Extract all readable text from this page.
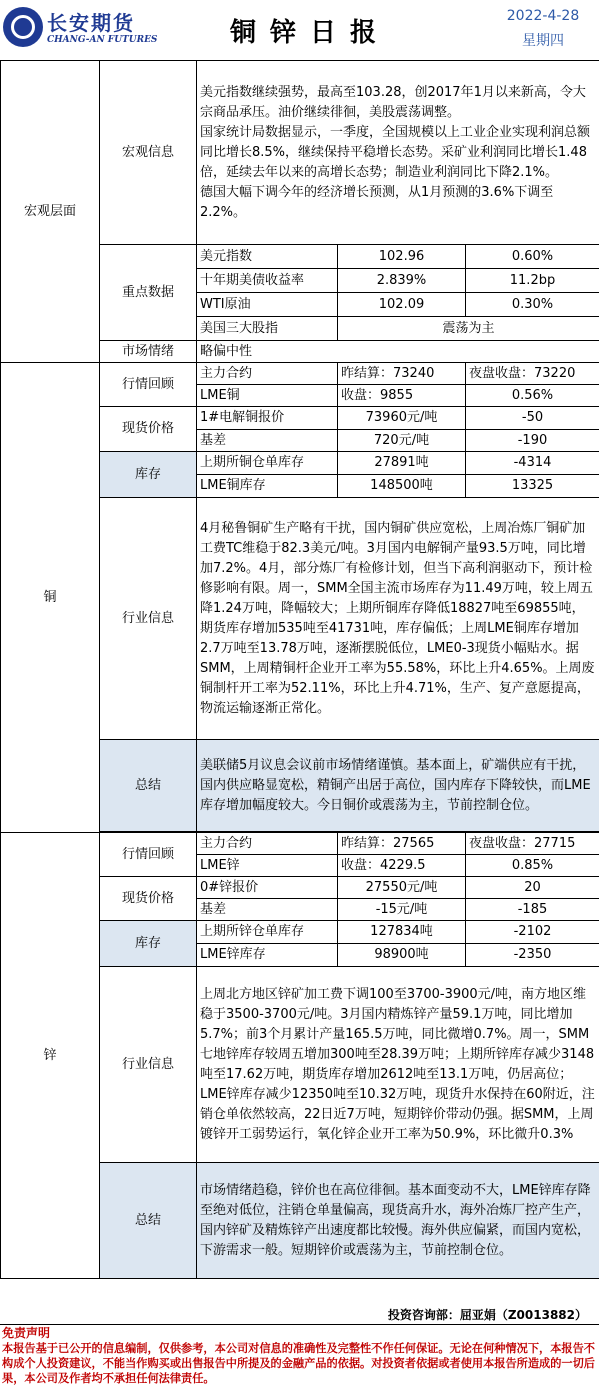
长安期货
CHANG-AN FUTURES	铜锌日报
2022-4-28
星期四
宏观层面	宏观信息	美元指数继续强势，最高至103.28，创2017年1月以来新高，令大宗商品承压。油价继续徘徊，美股震荡调整。

国家统计局数据显示，一季度，全国规模以上工业企业实现利润总额同比增长8.5%，继续保持平稳增长态势。采矿业利润同比增长1.48倍，延续去年以来的高增长态势；制造业利润同比下降2.1%。

德国大幅下调今年的经济增长预测，从1月预测的3.6%下调至2.2%。		

	重点数据	美元指数	102.96	0.60%
		十年期美债收益率	2.839%	11.2bp
		WTI原油	102.09	0.30%
		美国三大股指	震荡为主	
	市场情绪	略偏中性		
铜	行情回顾	主力合约	昨结算：73240	夜盘收盘：73220
		LME铜	收盘：9855	0.56%
	现货价格	1#电解铜报价	73960元/吨	-50
		基差	720元/吨	-190
	库存	上期所铜仓单库存	27891吨	-4314
		LME铜库存	148500吨	13325
	行业信息	4月秘鲁铜矿生产略有干扰，国内铜矿供应宽松，上周冶炼厂铜矿加工费TC维稳于82.3美元/吨。3月国内电解铜产量93.5万吨，同比增加7.2%。4月，部分炼厂有检修计划，但当下高利润驱动下，预计检修影响有限。周一，SMM全国主流市场库存为11.49万吨，较上周五降1.24万吨，降幅较大；上期所铜库存降低18827吨至69855吨，期货库存增加535吨至41731吨，库存偏低；上周LME铜库存增加2.7万吨至13.78万吨，逐渐摆脱低位，LME0-3现货小幅贴水。据SMM，上周精铜杆企业开工率为55.58%，环比上升4.65%。上周废铜制杆开工率为52.11%，环比上升4.71%，生产、复产意愿提高，物流运输逐渐正常化。		
	总结	美联储5月议息会议前市场情绪谨慎。基本面上，矿端供应有干扰，国内供应略显宽松，精铜产出居于高位，国内库存下降较快，而LME库存增加幅度较大。今日铜价或震荡为主，节前控制仓位。		

锌	行情回顾	主力合约	昨结算：27565	夜盘收盘：27715
		LME锌	收盘：4229.5	0.85%
	现货价格	0#锌报价	27550元/吨	20
		基差	-15元/吨	-185
	库存	上期所锌仓单库存	127834吨	-2102
		LME锌库存	98900吨	-2350
	行业信息	上周北方地区锌矿加工费下调100至3700-3900元/吨，南方地区维稳于3500-3700元/吨。3月国内精炼锌产量59.1万吨，同比增加5.7%；前3个月累计产量165.5万吨，同比微增0.7%。周一，SMM七地锌库存较周五增加300吨至28.39万吨；上期所锌库存减少3148吨至17.62万吨，期货库存增加2612吨至13.1万吨，仍居高位；LME锌库存减少12350吨至10.32万吨，现货升水保持在60附近，注销仓单依然较高，22日近7万吨，短期锌价带动仍强。据SMM，上周镀锌开工弱势运行，氧化锌企业开工率为50.9%，环比微升0.3%		
	总结	市场情绪趋稳，锌价也在高位徘徊。基本面变动不大，LME锌库存降至绝对低位，注销仓单量偏高，现货高升水，海外冶炼厂控产生产，国内锌矿及精炼锌产出速度都比较慢。海外供应偏紧，而国内宽松，下游需求一般。短期锌价或震荡为主，节前控制仓位。		
投资咨询部：屈亚娟（Z0013882）
免责声明
本报告基于已公开的信息编制，仅供参考，本公司对信息的准确性及完整性不作任何保证。无论在何种情况下，本报告不构成个人投资建议，不能当作购买或出售报告中所提及的金融产品的依据。对投资者依据或者使用本报告所造成的一切后果，本公司及作者均不承担任何法律责任。
